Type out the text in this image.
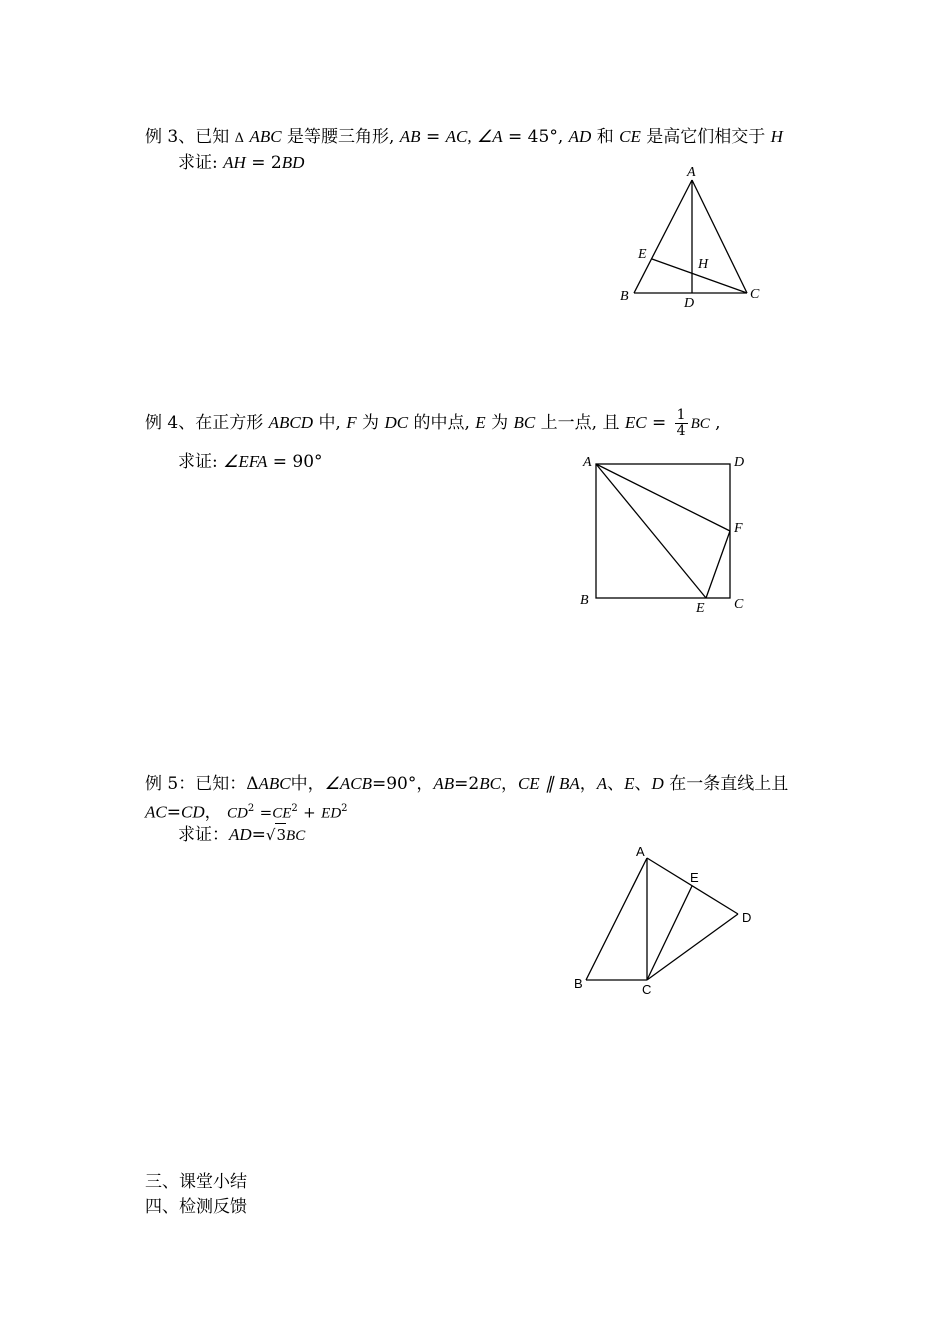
例 3、已知 Δ ABC 是等腰三角形, AB = AC, ∠A = 45°, AD 和 CE 是高它们相交于 H
求证: AH = 2BD
A
B	C
D
E
H
例 4、在正方形 ABCD 中, F 为 DC 的中点, E 为 BC 上一点, 且 EC = $\frac{1}{4}$ BC ,
求证: ∠EFA = 90°	A	D
F
B
E C
例 5：已知：ΔABC中，∠ACB=90°，AB=2BC，CE ∥ BA，A、E、D 在一条直线上且
AC=CD， $CD^2 =CE^2 + ED^2$
求证：AD=√3BC
A
B	C
D
E
三、课堂小结
四、检测反馈
